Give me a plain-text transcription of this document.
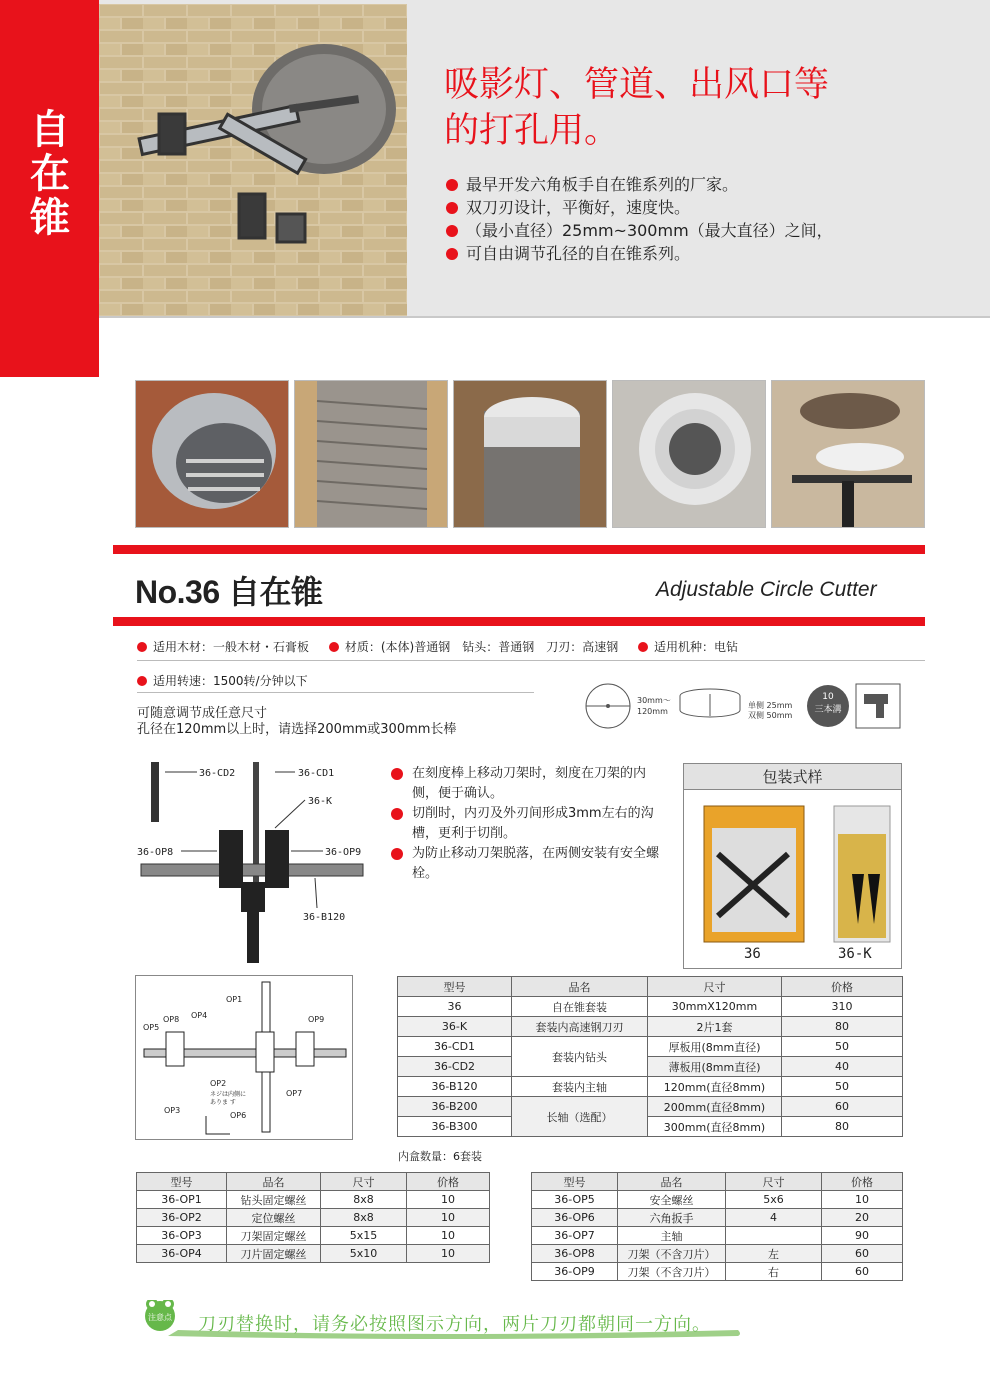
自在锥
吸影灯、管道、出风口等
的打孔用。
最早开发六角板手自在锥系列的厂家。
双刀刃设计，平衡好，速度快。
（最小直径）25mm~300mm（最大直径）之间，
可自由调节孔径的自在锥系列。
No.36 自在锥	Adjustable Circle Cutter
适用木材：一般木材・石膏板	材质：(本体)普通钢　钻头：普通钢　刀刃：高速钢	适用机种：电钻
适用转速：1500转/分钟以下
30mm～
120mm
单侧 25mm
双侧 50mm
10
三本溝
可随意调节成任意尺寸
孔径在120mm以上时，请选择200mm或300mm长棒
36-CD2	36-CD1
36-K
36-OP8	36-OP9
36-B120
在刻度棒上移动刀架时，刻度在刀架的内侧，便于确认。
切削时，内刃及外刃间形成3mm左右的沟槽，更利于切削。
为防止移动刀架脱落，在两侧安装有安全螺栓。
包装式样
36	36-K
OP1
OP8 OP4
OP5
OP9
OP2
ネジは内側に
ありま す
OP7
OP3
OP6
型号	品名	尺寸	价格
36	自在锥套装	30mmX120mm	310
36-K	套装内高速钢刀刃	2片1套	80
36-CD1	套装内钻头	厚板用(8mm直径)	50
36-CD2		薄板用(8mm直径)	40
36-B120	套装内主轴	120mm(直径8mm)	50
36-B200	长轴（选配）	200mm(直径8mm)	60
36-B300		300mm(直径8mm)	80
内盒数量：6套装
型号	品名	尺寸	价格
36-OP1	钻头固定螺丝	8x8	10
36-OP2	定位螺丝	8x8	10
36-OP3	刀架固定螺丝	5x15	10
36-OP4	刀片固定螺丝	5x10	10
型号	品名	尺寸	价格
36-OP5	安全螺丝	5x6	10
36-OP6	六角扳手	4	20
36-OP7	主轴		90
36-OP8	刀架（不含刀片）	左	60
36-OP9	刀架（不含刀片）	右	60
注意点 刀刃替换时，请务必按照图示方向，两片刀刃都朝同一方向。
